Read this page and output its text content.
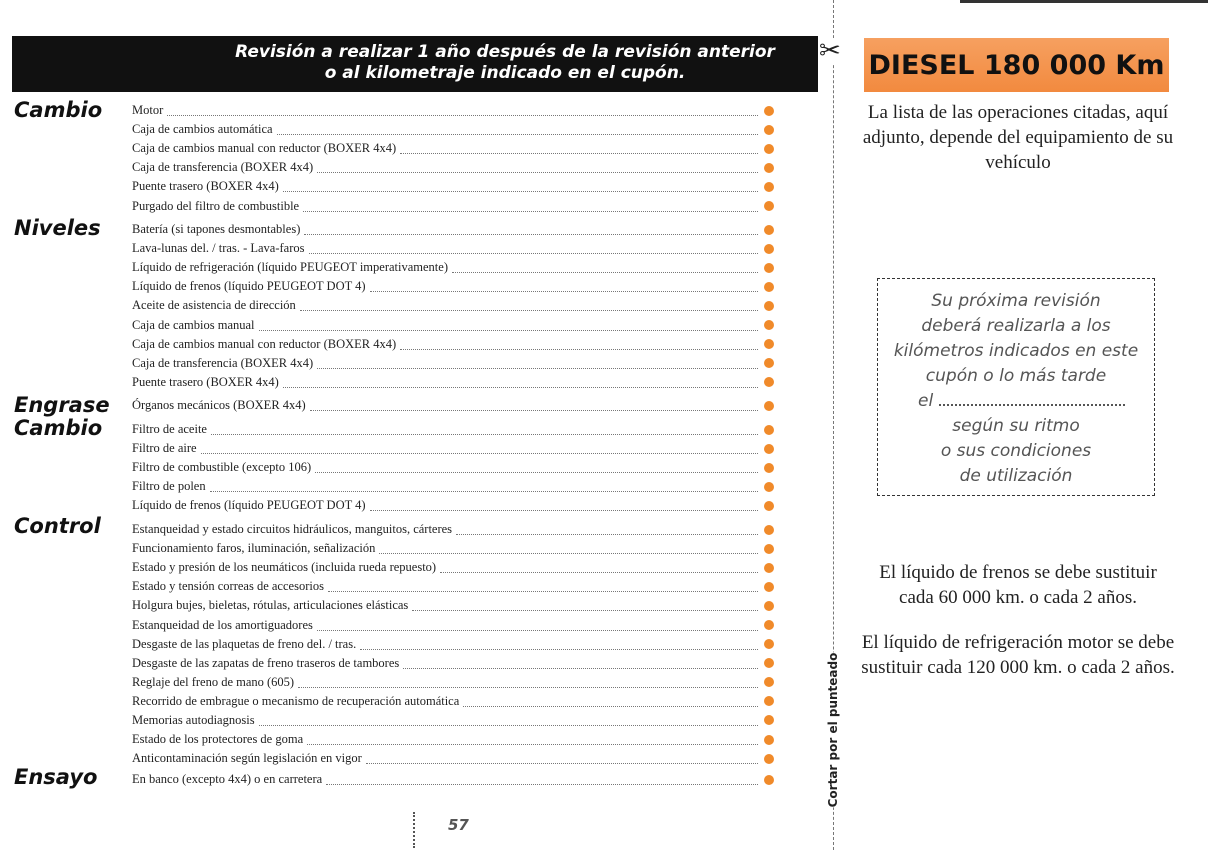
Revisión a realizar 1 año después de la revisión anterior
o al kilometraje indicado en el cupón.
Cambio Motor
Caja de cambios automática
Caja de cambios manual con reductor (BOXER 4x4)
Caja de transferencia (BOXER 4x4)
Puente trasero (BOXER 4x4)
Purgado del filtro de combustible
Niveles	Batería (si tapones desmontables)
Lava-lunas del. / tras. - Lava-faros
Líquido de refrigeración (líquido PEUGEOT imperativamente)
Líquido de frenos (líquido PEUGEOT DOT 4)
Aceite de asistencia de dirección
Caja de cambios manual
Caja de cambios manual con reductor (BOXER 4x4)
Caja de transferencia (BOXER 4x4)
Puente trasero (BOXER 4x4)
Engrase Órganos mecánicos (BOXER 4x4)
Cambio Filtro de aceite
Filtro de aire
Filtro de combustible (excepto 106)
Filtro de polen
Líquido de frenos (líquido PEUGEOT DOT 4)
Control Estanqueidad y estado circuitos hidráulicos, manguitos, cárteres
Funcionamiento faros, iluminación, señalización
Estado y presión de los neumáticos (incluida rueda repuesto)
Estado y tensión correas de accesorios
Holgura bujes, bieletas, rótulas, articulaciones elásticas
Estanqueidad de los amortiguadores
Desgaste de las plaquetas de freno del. / tras.
Desgaste de las zapatas de freno traseros de tambores
Reglaje del freno de mano (605)
Recorrido de embrague o mecanismo de recuperación automática
Memorias autodiagnosis
Estado de los protectores de goma
Anticontaminación según legislación en vigor
Ensayo	En banco (excepto 4x4) o en carretera
57
✂
Cortar por el punteado
DIESEL 180 000 Km
La lista de las operaciones citadas, aquí adjunto, depende del equipamiento de su vehículo
Su próxima revisión
deberá realizarla a los
kilómetros indicados en este
cupón o lo más tarde
el
según su ritmo
o sus condiciones
de utilización
El líquido de frenos se debe sustituir cada 60 000 km. o cada 2 años.
El líquido de refrigeración motor se debe sustituir cada 120 000 km. o cada 2 años.
